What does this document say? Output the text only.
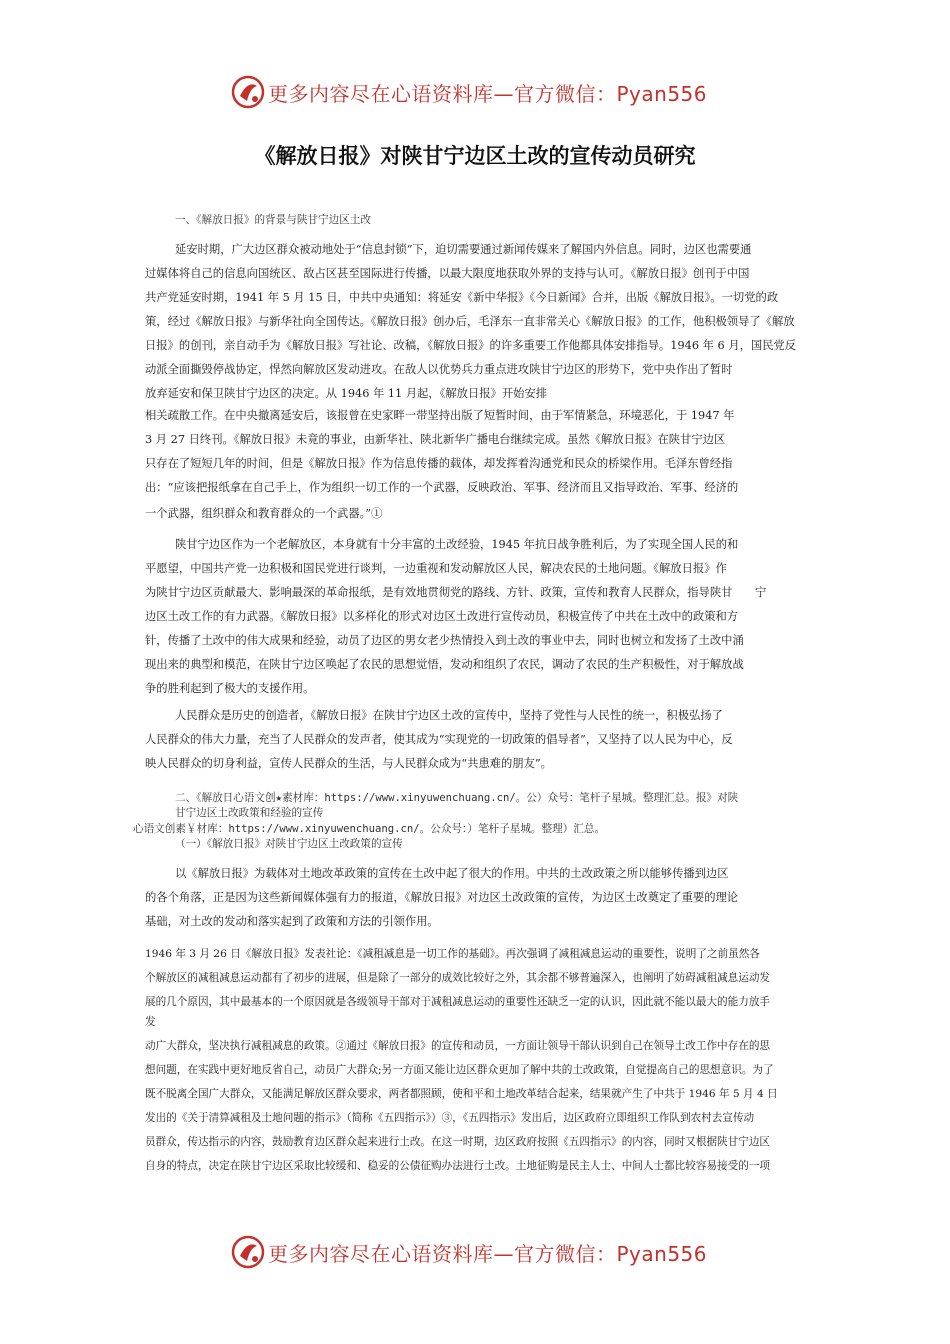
更多内容尽在心语资料库—官方微信：Pyan556
《解放日报》对陕甘宁边区土改的宣传动员研究
一、《解放日报》的背景与陕甘宁边区土改
延安时期，广大边区群众被动地处于“信息封锁”下，迫切需要通过新闻传媒来了解国内外信息。同时，边区也需要通
过媒体将自己的信息向国统区、敌占区甚至国际进行传播，以最大限度地获取外界的支持与认可。《解放日报》创刊于中国
共产党延安时期，1941 年 5 月 15 日，中共中央通知：将延安《新中华报》《今日新闻》合并，出版《解放日报》。一切党的政
策，经过《解放日报》与新华社向全国传达。《解放日报》创办后，毛泽东一直非常关心《解放日报》的工作，他积极领导了《解放
日报》的创刊，亲自动手为《解放日报》写社论、改稿，《解放日报》的许多重要工作他都具体安排指导。1946 年 6 月，国民党反
动派全面撕毁停战协定，悍然向解放区发动进攻。在敌人以优势兵力重点进攻陕甘宁边区的形势下，党中央作出了暂时
放弃延安和保卫陕甘宁边区的决定。从 1946 年 11 月起，《解放日报》开始安排
相关疏散工作。在中央撤离延安后，该报曾在史家畔一带坚持出版了短暂时间，由于军情紧急，环境恶化，于 1947 年
3 月 27 日终刊。《解放日报》未竟的事业，由新华社、陕北新华广播电台继续完成。虽然《解放日报》在陕甘宁边区
只存在了短短几年的时间，但是《解放日报》作为信息传播的载体，却发挥着沟通党和民众的桥梁作用。毛泽东曾经指
出：“应该把报纸拿在自己手上，作为组织一切工作的一个武器，反映政治、军事、经济而且又指导政治、军事、经济的
一个武器，组织群众和教育群众的一个武器。”①
陕甘宁边区作为一个老解放区，本身就有十分丰富的土改经验，1945 年抗日战争胜利后，为了实现全国人民的和
平愿望，中国共产党一边积极和国民党进行谈判，一边重视和发动解放区人民，解决农民的土地问题。《解放日报》作
为陕甘宁边区贡献最大、影响最深的革命报纸，是有效地贯彻党的路线、方针、政策，宣传和教育人民群众，指导陕甘　　宁
边区土改工作的有力武器。《解放日报》以多样化的形式对边区土改进行宣传动员，积极宣传了中共在土改中的政策和方
针，传播了土改中的伟大成果和经验，动员了边区的男女老少热情投入到土改的事业中去，同时也树立和发扬了土改中涌
现出来的典型和模范，在陕甘宁边区唤起了农民的思想觉悟，发动和组织了农民，调动了农民的生产积极性，对于解放战
争的胜利起到了极大的支援作用。
人民群众是历史的创造者，《解放日报》在陕甘宁边区土改的宣传中，坚持了党性与人民性的统一，积极弘扬了
人民群众的伟大力量，充当了人民群众的发声者，使其成为“实现党的一切政策的倡导者”，又坚持了以人民为中心，反
映人民群众的切身利益，宣传人民群众的生活，与人民群众成为“共患难的朋友”。
二、《解放日心语文创★素材库：https://www.xinyuwenchuang.cn/。公）众号：笔杆子星城。整理汇总。报》对陕
甘宁边区土改政策和经验的宣传
心语文创素￥材库：https://www.xinyuwenchuang.cn/。公众号：）笔杆子星城。整理）汇总。
（一）《解放日报》对陕甘宁边区土改政策的宣传
以《解放日报》为载体对土地改革政策的宣传在土改中起了很大的作用。中共的土改政策之所以能够传播到边区
的各个角落，正是因为这些新闻媒体强有力的报道，《解放日报》对边区土改政策的宣传，为边区土改奠定了重要的理论
基础，对土改的发动和落实起到了政策和方法的引领作用。
1946 年 3 月 26 日《解放日报》发表社论：《减租减息是一切工作的基础》。再次强调了减租减息运动的重要性，说明了之前虽然各
个解放区的减租减息运动都有了初步的进展，但是除了一部分的成效比较好之外，其余都不够普遍深入，也阐明了妨碍减租减息运动发
展的几个原因，其中最基本的一个原因就是各级领导干部对于减租减息运动的重要性还缺乏一定的认识，因此就不能以最大的能力放手
发
动广大群众，坚决执行减租减息的政策。②通过《解放日报》的宣传和动员，一方面让领导干部认识到自己在领导土改工作中存在的思
想问题，在实践中更好地反省自己，动员广大群众;另一方面又能让边区群众更加了解中共的土改政策，自觉提高自己的思想意识。为了
既不脱离全国广大群众，又能满足解放区群众要求，两者都照顾，使和平和土地改革结合起来，结果就产生了中共于 1946 年 5 月 4 日
发出的《关于清算减租及土地问题的指示》（简称《五四指示》）③，《五四指示》发出后，边区政府立即组织工作队到农村去宣传动
员群众，传达指示的内容，鼓励教育边区群众起来进行土改。在这一时期，边区政府按照《五四指示》的内容，同时又根据陕甘宁边区
自身的特点，决定在陕甘宁边区采取比较缓和、稳妥的公债征购办法进行土改。土地征购是民主人士、中间人士都比较容易接受的一项
更多内容尽在心语资料库—官方微信：Pyan556
